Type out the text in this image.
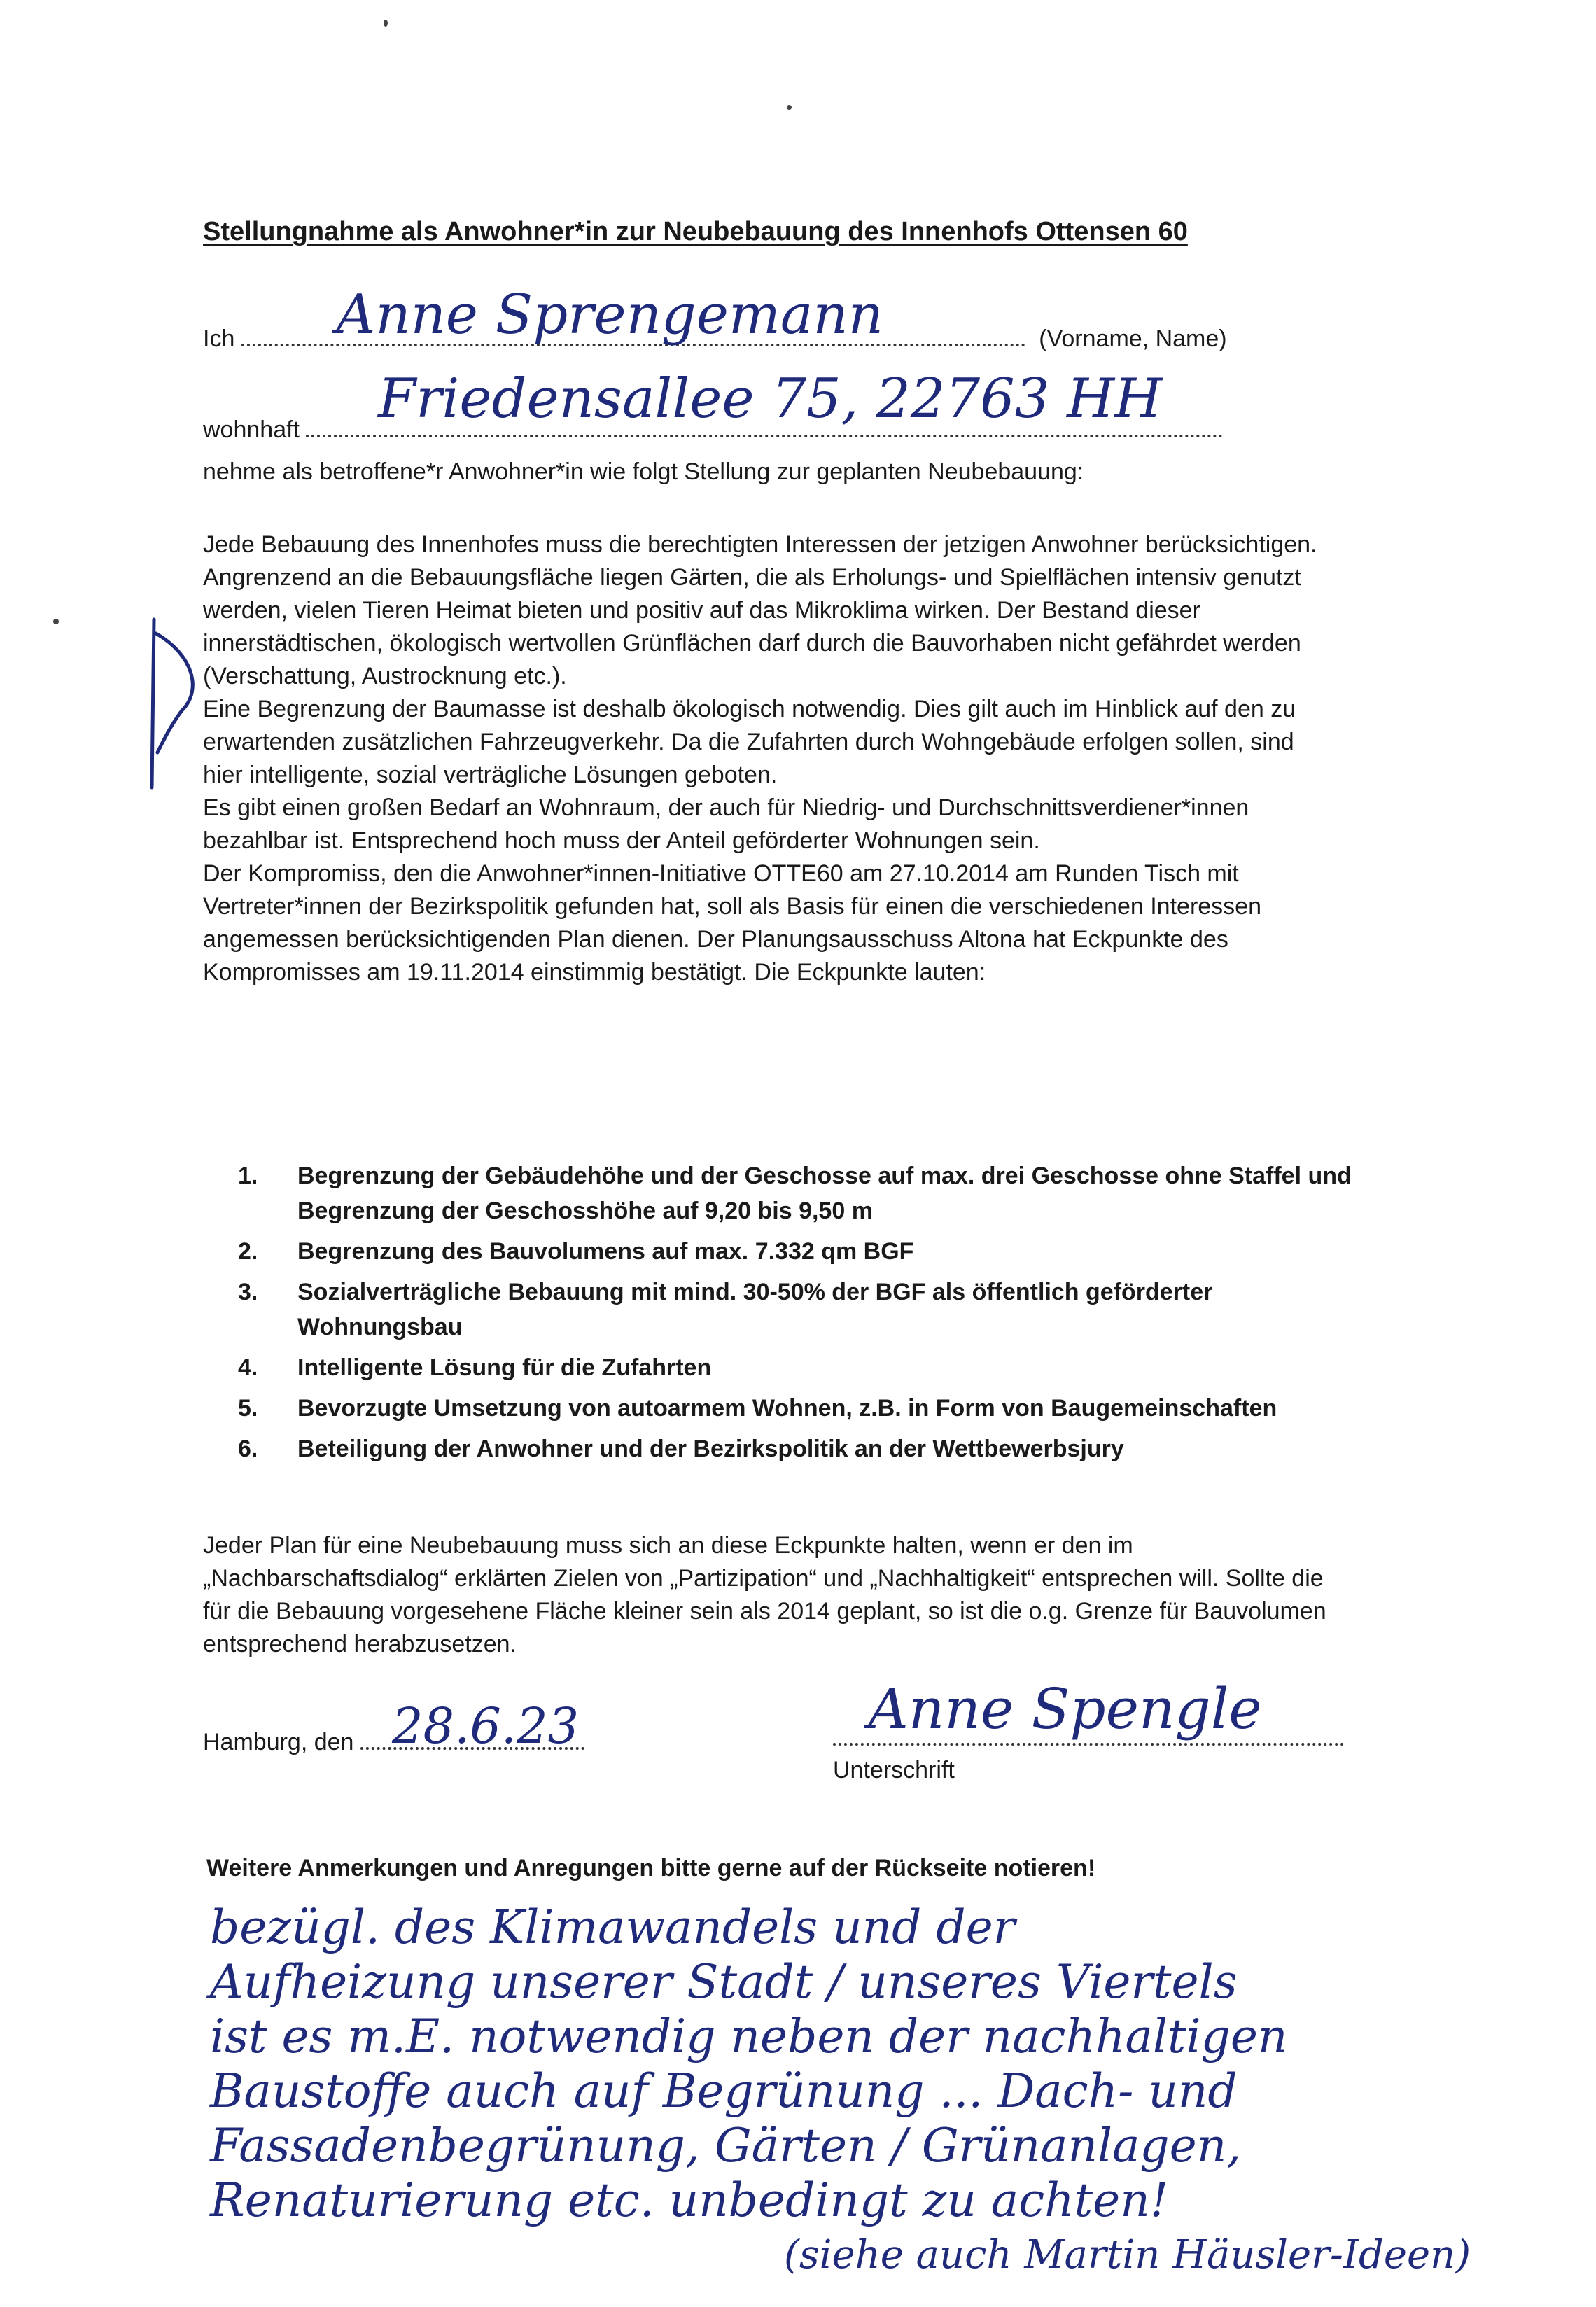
Stellungnahme als Anwohner*in zur Neubebauung des Innenhofs Ottensen 60
Ich	(Vorname, Name)
Anne Sprengemann
wohnhaft	Friedensallee 75, 22763 HH
nehme als betroffene*r Anwohner*in wie folgt Stellung zur geplanten Neubebauung:

Jede Bebauung des Innenhofes muss die berechtigten Interessen der jetzigen Anwohner berücksichtigen.

Angrenzend an die Bebauungsfläche liegen Gärten, die als Erholungs- und Spielflächen intensiv genutzt werden, vielen Tieren Heimat bieten und positiv auf das Mikroklima wirken. Der Bestand dieser innerstädtischen, ökologisch wertvollen Grünflächen darf durch die Bauvorhaben nicht gefährdet werden (Verschattung, Austrocknung etc.).

Eine Begrenzung der Baumasse ist deshalb ökologisch notwendig. Dies gilt auch im Hinblick auf den zu erwartenden zusätzlichen Fahrzeugverkehr. Da die Zufahrten durch Wohngebäude erfolgen sollen, sind hier intelligente, sozial verträgliche Lösungen geboten.

Es gibt einen großen Bedarf an Wohnraum, der auch für Niedrig- und Durchschnittsverdiener*innen bezahlbar ist. Entsprechend hoch muss der Anteil geförderter Wohnungen sein.

Der Kompromiss, den die Anwohner*innen-Initiative OTTE60 am 27.10.2014 am Runden Tisch mit Vertreter*innen der Bezirkspolitik gefunden hat, soll als Basis für einen die verschiedenen Interessen angemessen berücksichtigenden Plan dienen. Der Planungsausschuss Altona hat Eckpunkte des Kompromisses am 19.11.2014 einstimmig bestätigt. Die Eckpunkte lauten:

1. Begrenzung der Gebäudehöhe und der Geschosse auf max. drei Geschosse ohne Staffel und Begrenzung der Geschosshöhe auf 9,20 bis 9,50 m
2. Begrenzung des Bauvolumens auf max. 7.332 qm BGF
3. Sozialverträgliche Bebauung mit mind. 30-50% der BGF als öffentlich geförderter Wohnungsbau
4. Intelligente Lösung für die Zufahrten
5. Bevorzugte Umsetzung von autoarmem Wohnen, z.B. in Form von Baugemeinschaften
6. Beteiligung der Anwohner und der Bezirkspolitik an der Wettbewerbsjury

Jeder Plan für eine Neubebauung muss sich an diese Eckpunkte halten, wenn er den im „Nachbarschaftsdialog“ erklärten Zielen von „Partizipation“ und „Nachhaltigkeit“ entsprechen will. Sollte die für die Bebauung vorgesehene Fläche kleiner sein als 2014 geplant, so ist die o.g. Grenze für Bauvolumen entsprechend herabzusetzen.

Hamburg, den 28.6.23	Anne Spengle
Unterschrift
Weitere Anmerkungen und Anregungen bitte gerne auf der Rückseite notieren!
bezügl. des Klimawandels und der
Aufheizung unserer Stadt / unseres Viertels
ist es m.E. notwendig neben der nachhaltigen
Baustoffe auch auf Begrünung ... Dach- und
Fassadenbegrünung, Gärten / Grünanlagen,
Renaturierung etc. unbedingt zu achten!
(siehe auch Martin Häusler-Ideen)
